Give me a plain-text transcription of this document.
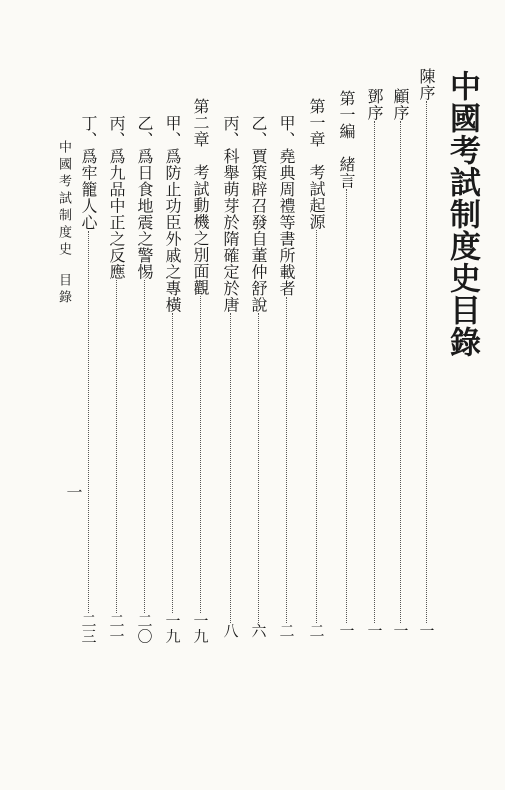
中國考試制度史目錄
陳序
一
顧序
一
鄧序
一
第一編　緒言
一
第一章　考試起源
二
甲、堯典周禮等書所載者
二
乙、賈䇿辟召發自董仲舒說
六
丙、科舉萌芽於隋確定於唐
八
第二章　考試動機之別面觀
一九
甲、爲防止功臣外戚之專橫
一九
乙、爲日食地震之警惕
二〇
丙、爲九品中正之反應
二一
丁、爲牢籠人心
二三
中國考試制度史目錄
一
